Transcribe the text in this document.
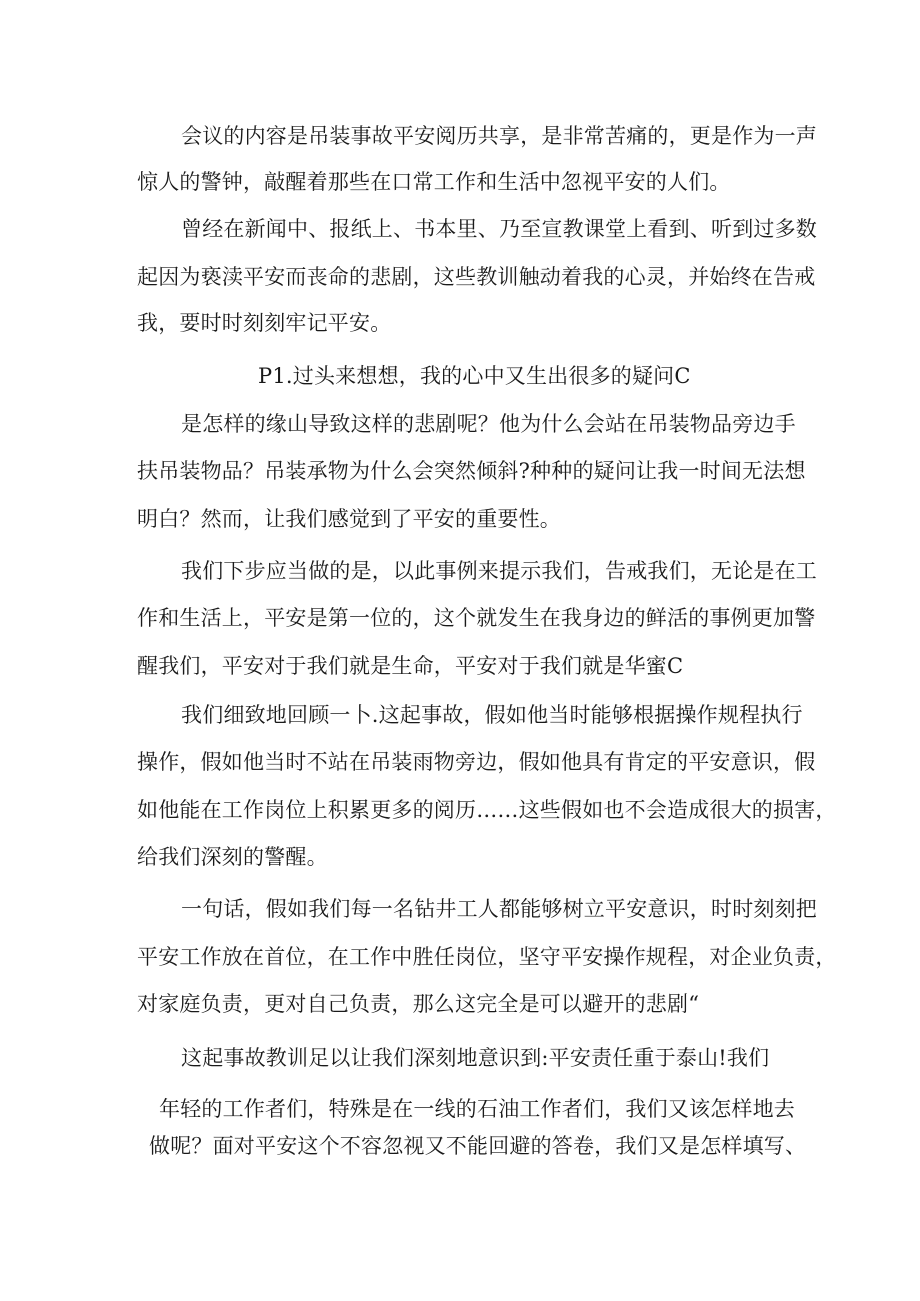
会议的内容是吊装事故平安阅历共享，是非常苦痛的，更是作为一声
惊人的警钟，敲醒着那些在口常工作和生活中忽视平安的人们。
曾经在新闻中、报纸上、书本里、乃至宣教课堂上看到、听到过多数
起因为亵渎平安而丧命的悲剧，这些教训触动着我的心灵，并始终在告戒
我，要时时刻刻牢记平安。
P1.过头来想想，我的心中又生出很多的疑问C
是怎样的缘山导致这样的悲剧呢？他为什么会站在吊装物品旁边手
扶吊装物品？吊装承物为什么会突然倾斜?种种的疑问让我一时间无法想
明白？然而，让我们感觉到了平安的重要性。
我们下步应当做的是，以此事例来提示我们，告戒我们，无论是在工
作和生活上，平安是第一位的，这个就发生在我身边的鲜活的事例更加警
醒我们，平安对于我们就是生命，平安对于我们就是华蜜C
我们细致地回顾一卜.这起事故，假如他当时能够根据操作规程执行
操作，假如他当时不站在吊装雨物旁边，假如他具有肯定的平安意识，假
如他能在工作岗位上积累更多的阅历……这些假如也不会造成很大的损害，
给我们深刻的警醒。
一句话，假如我们每一名钻井工人都能够树立平安意识，时时刻刻把
平安工作放在首位，在工作中胜任岗位，坚守平安操作规程，对企业负责，
对家庭负责，更对自己负责，那么这完全是可以避开的悲剧“
这起事故教训足以让我们深刻地意识到:平安责任重于泰山!我们
年轻的工作者们，特殊是在一线的石油工作者们，我们又该怎样地去
做呢？面对平安这个不容忽视又不能回避的答卷，我们又是怎样填写、
